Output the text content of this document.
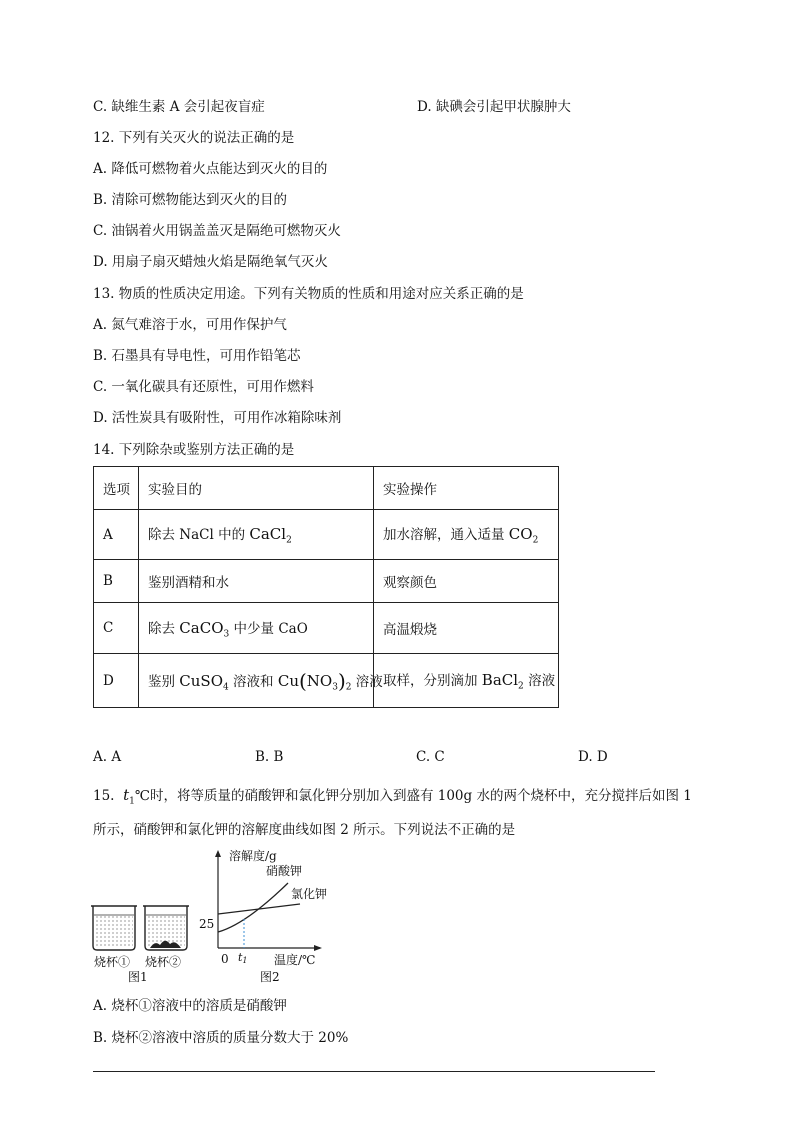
C. 缺维生素 A 会引起夜盲症	D. 缺碘会引起甲状腺肿大
12. 下列有关灭火的说法正确的是
A. 降低可燃物着火点能达到灭火的目的
B. 清除可燃物能达到灭火的目的
C. 油锅着火用锅盖盖灭是隔绝可燃物灭火
D. 用扇子扇灭蜡烛火焰是隔绝氧气灭火
13. 物质的性质决定用途。下列有关物质的性质和用途对应关系正确的是
A. 氮气难溶于水，可用作保护气
B. 石墨具有导电性，可用作铅笔芯
C. 一氧化碳具有还原性，可用作燃料
D. 活性炭具有吸附性，可用作冰箱除味剂
14. 下列除杂或鉴别方法正确的是
选项	实验目的	实验操作
A	除去 NaCl 中的 CaCl$_2$	加水溶解，通入适量 $CO_2$
B	鉴别酒精和水	观察颜色
C	除去 CaCO$_3$ 中少量 CaO	高温煅烧
D	鉴别 CuSO$_4$ 溶液和 $Cu(NO_3)_2$ 溶液	取样，分别滴加 BaCl$_2$ 溶液
A. A	B. B	C. C	D. D
15. $t_1℃$时，将等质量的硝酸钾和氯化钾分别加入到盛有 100g 水的两个烧杯中，充分搅拌后如图 1
所示，硝酸钾和氯化钾的溶解度曲线如图 2 所示。下列说法不正确的是
烧杯① 烧杯②
图1
溶解度/g
硝酸钾
氯化钾
25
0 t1 温度/℃
图2
A. 烧杯①溶液中的溶质是硝酸钾
B. 烧杯②溶液中溶质的质量分数大于 20%
